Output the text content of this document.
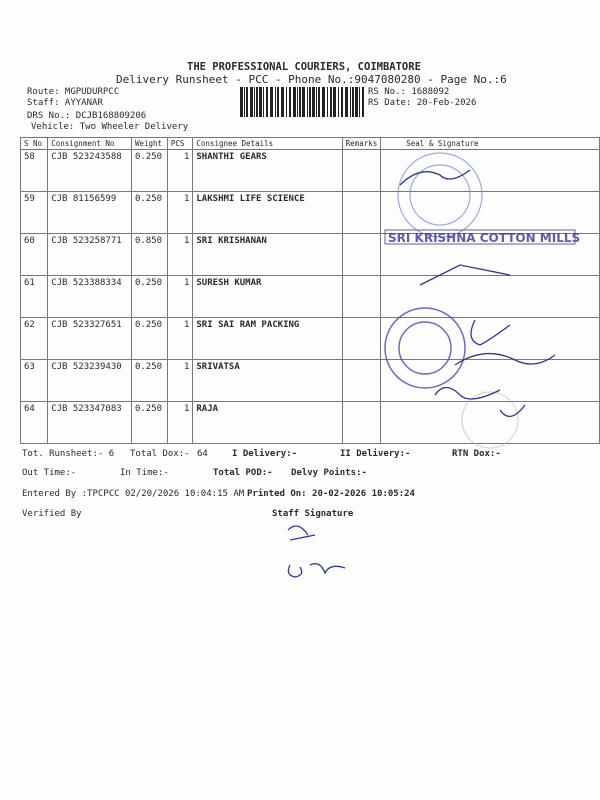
THE PROFESSIONAL COURIERS, COIMBATORE
Delivery Runsheet - PCC - Phone No.:9047080280 - Page No.:6
Route: MGPUDURPCC
Staff: AYYANAR
DRS No.: DCJB168809206
Vehicle: Two Wheeler Delivery
RS No.: 1688092
RS Date: 20-Feb-2026
S No	Consignment No	Weight	PCS	Consignee Details	Remarks	Seal & Signature
58	CJB 523243588	0.250	1	SHANTHI GEARS		
59	CJB 81156599	0.250	1	LAKSHMI LIFE SCIENCE		
60	CJB 523258771	0.850	1	SRI KRISHANAN		
61	CJB 523388334	0.250	1	SURESH KUMAR		
62	CJB 523327651	0.250	1	SRI SAI RAM PACKING		
63	CJB 523239430	0.250	1	SRIVATSA		
64	CJB 523347083	0.250	1	RAJA		
Tot. Runsheet:- 6 Total Dox:- 64	I Delivery:-	II Delivery:-	RTN Dox:-
Out Time:-	In Time:-	Total POD:- Delvy Points:-
Entered By :TPCPCC 02/20/2026 10:04:15 AM Printed On: 20-02-2026 10:05:24
Verified By	Staff Signature
SRI KRISHNA COTTON MILLS
